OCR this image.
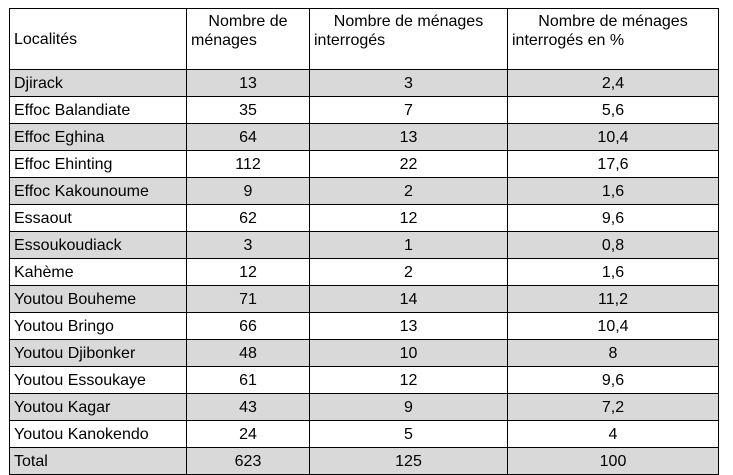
Localités	Nombre de ménages	Nombre de ménages interrogés	Nombre de ménages interrogés en %
Djirack	13	3	2,4
Effoc Balandiate	35	7	5,6
Effoc Eghina	64	13	10,4
Effoc Ehinting	112	22	17,6
Effoc Kakounoume	9	2	1,6
Essaout	62	12	9,6
Essoukoudiack	3	1	0,8
Kahème	12	2	1,6
Youtou Bouheme	71	14	11,2
Youtou Bringo	66	13	10,4
Youtou Djibonker	48	10	8
Youtou Essoukaye	61	12	9,6
Youtou Kagar	43	9	7,2
Youtou Kanokendo	24	5	4
Total	623	125	100
